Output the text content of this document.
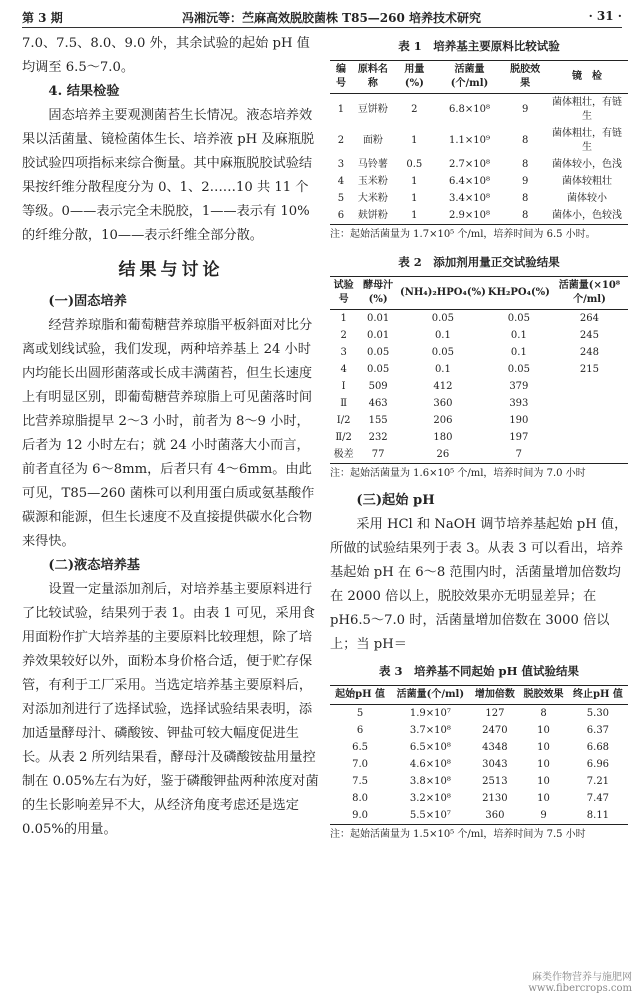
第 3 期	冯湘沅等：苎麻高效脱胶菌株 T85—260 培养技术研究	· 31 ·

7.0、7.5、8.0、9.0 外，其余试验的起始 pH 值均调至 6.5～7.0。

4. 结果检验

固态培养主要观测菌苔生长情况。液态培养效果以活菌量、镜检菌体生长、培养液 pH 及麻瓶脱胶试验四项指标来综合衡量。其中麻瓶脱胶试验结果按纤维分散程度分为 0、1、2……10 共 11 个等级。0——表示完全未脱胶，1——表示有 10% 的纤维分散，10——表示纤维全部分散。

结果与讨论

(一)固态培养

经营养琼脂和葡萄糖营养琼脂平板斜面对比分离或划线试验，我们发现，两种培养基上 24 小时内均能长出圆形菌落或长成丰满菌苔，但生长速度上有明显区别，即葡萄糖营养琼脂上可见菌落时间比营养琼脂提早 2～3 小时，前者为 8～9 小时，后者为 12 小时左右；就 24 小时菌落大小而言，前者直径为 6～8mm，后者只有 4～6mm。由此可见，T85—260 菌株可以利用蛋白质或氨基酸作碳源和能源，但生长速度不及直接提供碳水化合物来得快。

(二)液态培养基

设置一定量添加剂后，对培养基主要原料进行了比较试验，结果列于表 1。由表 1 可见，采用食用面粉作扩大培养基的主要原料比较理想，除了培养效果较好以外，面粉本身价格合适，便于贮存保管，有利于工厂采用。当选定培养基主要原料后，对添加剂进行了选择试验，选择试验结果表明，添加适量酵母汁、磷酸铵、钾盐可较大幅度促进生长。从表 2 所列结果看，酵母汁及磷酸铵盐用量控制在 0.05%左右为好，鉴于磷酸钾盐两种浓度对菌的生长影响差异不大，从经济角度考虑还是选定 0.05%的用量。

表 1　培养基主要原料比较试验
编号	原料名称	用量(%)	活菌量(个/ml)	脱胶效果	镜　检
1	豆饼粉	2	6.8×10⁸	9	菌体粗壮，有链生
2	面粉	1	1.1×10⁹	8	菌体粗壮，有链生
3	马铃薯	0.5	2.7×10⁸	8	菌体较小，色浅
4	玉米粉	1	6.4×10⁸	9	菌体较粗壮
5	大米粉	1	3.4×10⁸	8	菌体较小
6	麸饼粉	1	2.9×10⁸	8	菌体小，色较浅
注：起始活菌量为 1.7×10⁵ 个/ml，培养时间为 6.5 小时。
表 2　添加剂用量正交试验结果
试验号	酵母汁(%)	(NH₄)₂HPO₄(%)	KH₂PO₄(%)	活菌量(×10⁸ 个/ml)
1	0.01	0.05	0.05	264
2	0.01	0.1	0.1	245
3	0.05	0.05	0.1	248
4	0.05	0.1	0.05	215
Ⅰ	509	412	379	
Ⅱ	463	360	393	
Ⅰ/2	155	206	190	
Ⅱ/2	232	180	197	
极差	77	26	7	
注：起始活菌量为 1.6×10⁵ 个/ml，培养时间为 7.0 小时

(三)起始 pH

采用 HCl 和 NaOH 调节培养基起始 pH 值，所做的试验结果列于表 3。从表 3 可以看出，培养基起始 pH 在 6～8 范围内时，活菌量增加倍数均在 2000 倍以上，脱胶效果亦无明显差异；在 pH6.5～7.0 时，活菌量增加倍数在 3000 倍以上；当 pH＝

表 3　培养基不同起始 pH 值试验结果
起始pH 值	活菌量(个/ml)	增加倍数	脱胶效果	终止pH 值
5	1.9×10⁷	127	8	5.30
6	3.7×10⁸	2470	10	6.37
6.5	6.5×10⁸	4348	10	6.68
7.0	4.6×10⁸	3043	10	6.96
7.5	3.8×10⁸	2513	10	7.21
8.0	3.2×10⁸	2130	10	7.47
9.0	5.5×10⁷	360	9	8.11
注：起始活菌量为 1.5×10⁵ 个/ml，培养时间为 7.5 小时
麻类作物营养与施肥网
www.fibercrops.com
